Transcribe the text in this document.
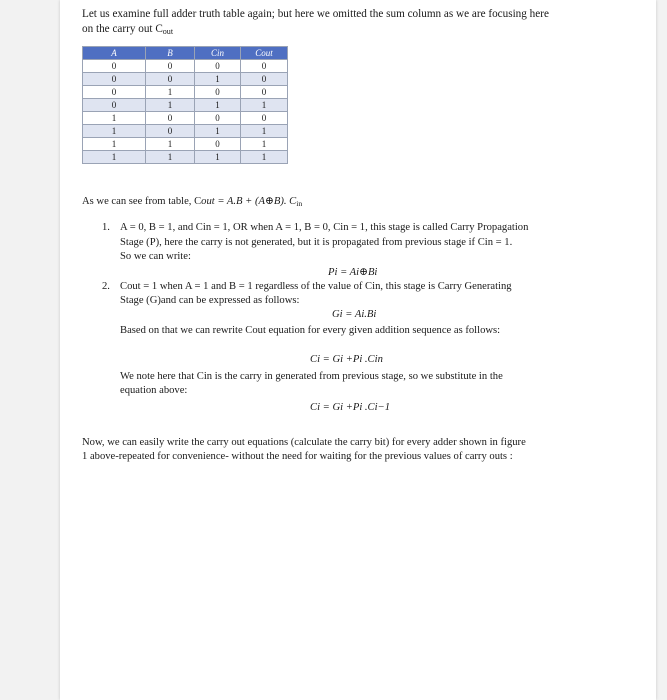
Let us examine full adder truth table again; but here we omitted the sum column as we are focusing here
on the carry out $C_{out}$
A	B	Cin	Cout
0	0	0	0
0	0	1	0
0	1	0	0
0	1	1	1
1	0	0	0
1	0	1	1
1	1	0	1
1	1	1	1
As we can see from table, Cout = A.B + (A⊕B). $C_{in}$
1. A = 0, B = 1, and Cin = 1, OR when A = 1, B = 0, Cin = 1, this stage is called Carry Propagation
Stage (P), here the carry is not generated, but it is propagated from previous stage if Cin = 1.
So we can write:
Pi = Ai⊕Bi
2. Cout = 1 when A = 1 and B = 1 regardless of the value of Cin, this stage is Carry Generating
Stage (G)and can be expressed as follows:
Gi = Ai.Bi
Based on that we can rewrite Cout equation for every given addition sequence as follows:
Ci = Gi +Pi .Cin
We note here that Cin is the carry in generated from previous stage, so we substitute in the
equation above:
Ci = Gi +Pi .Ci−1
Now, we can easily write the carry out equations (calculate the carry bit) for every adder shown in figure
1 above-repeated for convenience- without the need for waiting for the previous values of carry outs :
